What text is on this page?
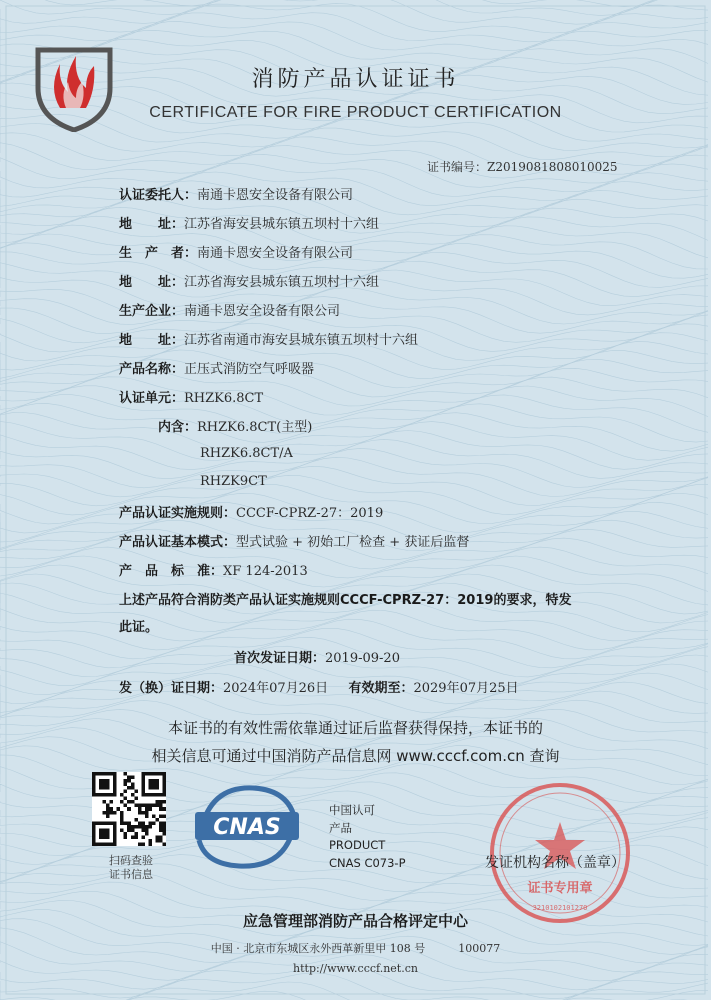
消防产品认证证书
CERTIFICATE FOR FIRE PRODUCT CERTIFICATION
证书编号：Z2019081808010025
认证委托人：南通卡恩安全设备有限公司
地　　址：江苏省海安县城东镇五坝村十六组
生　产　者：南通卡恩安全设备有限公司
地　　址：江苏省海安县城东镇五坝村十六组
生产企业：南通卡恩安全设备有限公司
地　　址：江苏省南通市海安县城东镇五坝村十六组
产品名称：正压式消防空气呼吸器
认证单元：RHZK6.8CT
内含：RHZK6.8CT(主型)
RHZK6.8CT/A
RHZK9CT
产品认证实施规则：CCCF-CPRZ-27：2019
产品认证基本模式：型式试验 + 初始工厂检查 + 获证后监督
产　品　标　准：XF 124-2013
上述产品符合消防类产品认证实施规则CCCF-CPRZ-27：2019的要求，特发
此证。
首次发证日期：2019-09-20
发（换）证日期：2024年07月26日 有效期至：2029年07月25日
本证书的有效性需依靠通过证后监督获得保持，本证书的
相关信息可通过中国消防产品信息网 www.cccf.com.cn 查询
扫码查验
证书信息
CNAS
中国认可
产品
PRODUCT
CNAS C073-P
证书专用章
3210102101270
发证机构名称（盖章）
应急管理部消防产品合格评定中心
中国 · 北京市东城区永外西革新里甲 108 号　　　100077
http://www.cccf.net.cn
